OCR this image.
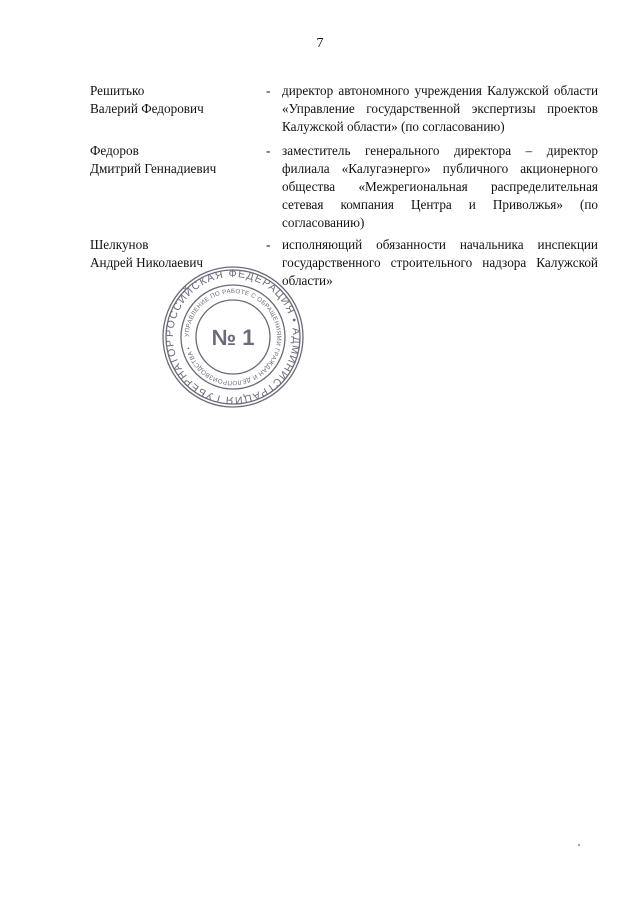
7
Решитько
Валерий Федорович
- директор автономного учреждения Калужской области «Управление государственной экспертизы проектов Калужской области» (по согласованию)
Федоров
Дмитрий Геннадиевич
- заместитель генерального директора – директор филиала «Калугаэнерго» публичного акционерного общества «Межрегиональная распределительная сетевая компания Центра и Приволжья» (по согласованию)
Шелкунов
Андрей Николаевич
- исполняющий обязанности начальника инспекции государственного строительного надзора Калужской области»
РОССИЙСКАЯ ФЕДЕРАЦИЯ • АДМИНИСТРАЦИЯ ГУБЕРНАТОР
УПРАВЛЕНИЕ ПО РАБОТЕ С ОБРАЩЕНИЯМИ ГРАЖДАН И ДЕЛОПРОИЗВОДСТВА • № 1
